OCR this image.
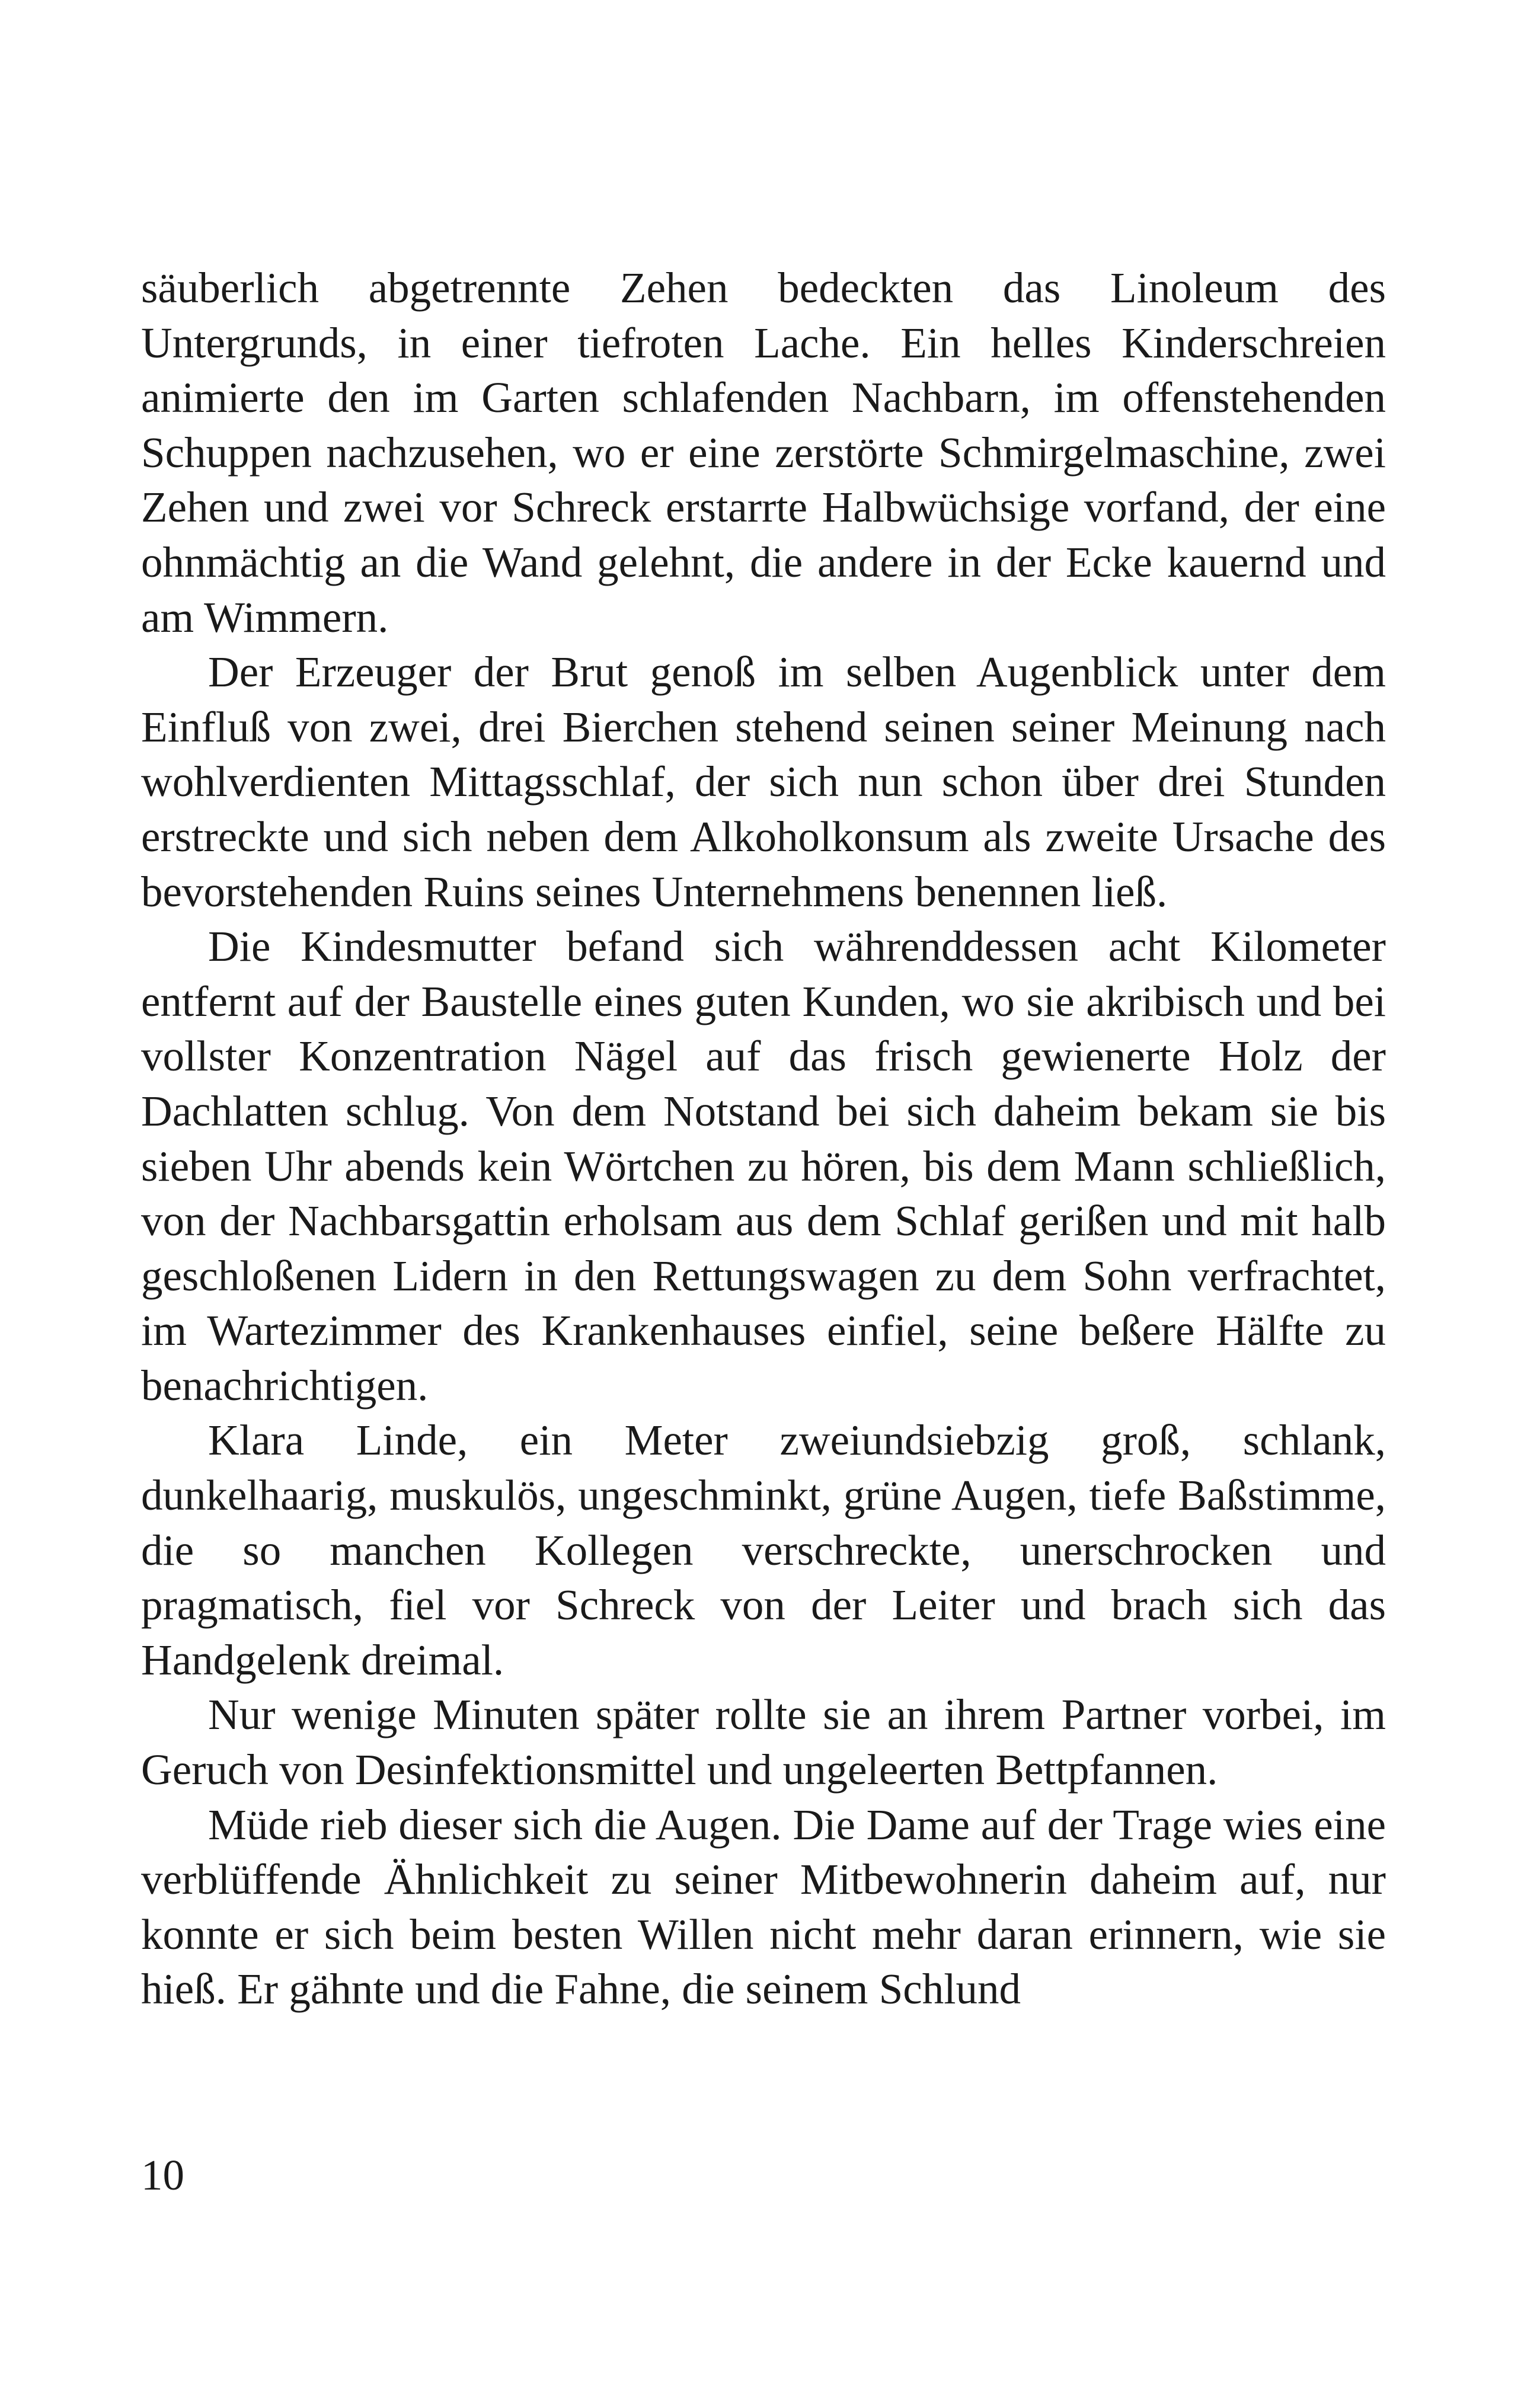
säuberlich abgetrennte Zehen bedeckten das Linoleum des Untergrunds, in einer tiefroten Lache. Ein helles Kinderschreien animierte den im Garten schlafenden Nachbarn, im offenstehenden Schuppen nachzusehen, wo er eine zerstörte Schmirgelmaschine, zwei Zehen und zwei vor Schreck erstarrte Halbwüchsige vorfand, der eine ohnmächtig an die Wand gelehnt, die andere in der Ecke kauernd und am Wimmern.

Der Erzeuger der Brut genoß im selben Augenblick unter dem Einfluß von zwei, drei Bierchen stehend seinen seiner Meinung nach wohlverdienten Mittagsschlaf, der sich nun schon über drei Stunden erstreckte und sich neben dem Alkoholkonsum als zweite Ursache des bevorstehenden Ruins seines Unternehmens benennen ließ.

Die Kindesmutter befand sich währenddessen acht Kilometer entfernt auf der Baustelle eines guten Kunden, wo sie akribisch und bei vollster Konzentration Nägel auf das frisch gewienerte Holz der Dachlatten schlug. Von dem Notstand bei sich daheim bekam sie bis sieben Uhr abends kein Wörtchen zu hören, bis dem Mann schließlich, von der Nachbarsgattin erholsam aus dem Schlaf gerißen und mit halb geschloßenen Lidern in den Rettungswagen zu dem Sohn verfrachtet, im Wartezimmer des Krankenhauses einfiel, seine beßere Hälfte zu benachrichtigen.

Klara Linde, ein Meter zweiundsiebzig groß, schlank, dunkelhaarig, muskulös, ungeschminkt, grüne Augen, tiefe Baßstimme, die so manchen Kollegen verschreckte, unerschrocken und pragmatisch, fiel vor Schreck von der Leiter und brach sich das Handgelenk dreimal.

Nur wenige Minuten später rollte sie an ihrem Partner vorbei, im Geruch von Desinfektionsmittel und ungeleerten Bettpfannen.

Müde rieb dieser sich die Augen. Die Dame auf der Trage wies eine verblüffende Ähnlichkeit zu seiner Mitbewohnerin daheim auf, nur konnte er sich beim besten Willen nicht mehr daran erinnern, wie sie hieß. Er gähnte und die Fahne, die seinem Schlund

10
